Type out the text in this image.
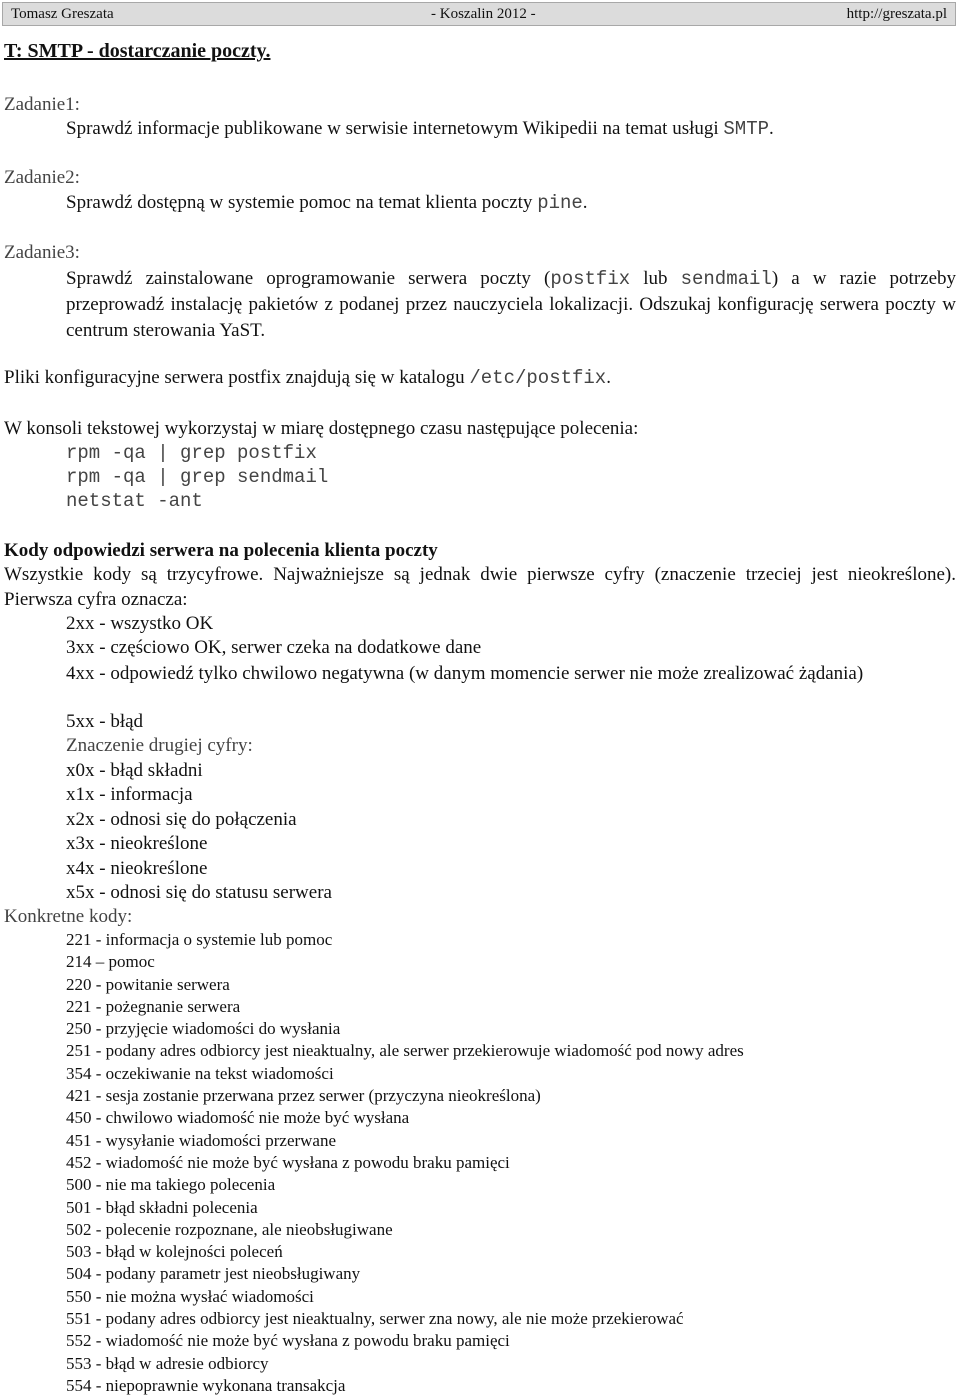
Tomasz Greszata	- Koszalin 2012 -	http://greszata.pl
T: SMTP - dostarczanie poczty.
Zadanie1:
Sprawdź informacje publikowane w serwisie internetowym Wikipedii na temat usługi SMTP.
Zadanie2:
Sprawdź dostępną w systemie pomoc na temat klienta poczty pine.
Zadanie3:
Sprawdź zainstalowane oprogramowanie serwera poczty (postfix lub sendmail) a w razie potrzeby przeprowadź instalację pakietów z podanej przez nauczyciela lokalizacji. Odszukaj konfigurację serwera poczty w centrum sterowania YaST.
Pliki konfiguracyjne serwera postfix znajdują się w katalogu /etc/postfix.
W konsoli tekstowej wykorzystaj w miarę dostępnego czasu następujące polecenia:
rpm -qa | grep postfix
rpm -qa | grep sendmail
netstat -ant
Kody odpowiedzi serwera na polecenia klienta poczty
Wszystkie kody są trzycyfrowe. Najważniejsze są jednak dwie pierwsze cyfry (znaczenie trzeciej jest nieokreślone). Pierwsza cyfra oznacza:
2xx - wszystko OK
3xx - częściowo OK, serwer czeka na dodatkowe dane
4xx - odpowiedź tylko chwilowo negatywna (w danym momencie serwer nie może zrealizować żądania)
5xx - błąd
Znaczenie drugiej cyfry:
x0x - błąd składni
x1x - informacja
x2x - odnosi się do połączenia
x3x - nieokreślone
x4x - nieokreślone
x5x - odnosi się do statusu serwera
Konkretne kody:
221 - informacja o systemie lub pomoc
214 – pomoc
220 - powitanie serwera
221 - pożegnanie serwera
250 - przyjęcie wiadomości do wysłania
251 - podany adres odbiorcy jest nieaktualny, ale serwer przekierowuje wiadomość pod nowy adres
354 - oczekiwanie na tekst wiadomości
421 - sesja zostanie przerwana przez serwer (przyczyna nieokreślona)
450 - chwilowo wiadomość nie może być wysłana
451 - wysyłanie wiadomości przerwane
452 - wiadomość nie może być wysłana z powodu braku pamięci
500 - nie ma takiego polecenia
501 - błąd składni polecenia
502 - polecenie rozpoznane, ale nieobsługiwane
503 - błąd w kolejności poleceń
504 - podany parametr jest nieobsługiwany
550 - nie można wysłać wiadomości
551 - podany adres odbiorcy jest nieaktualny, serwer zna nowy, ale nie może przekierować
552 - wiadomość nie może być wysłana z powodu braku pamięci
553 - błąd w adresie odbiorcy
554 - niepoprawnie wykonana transakcja
